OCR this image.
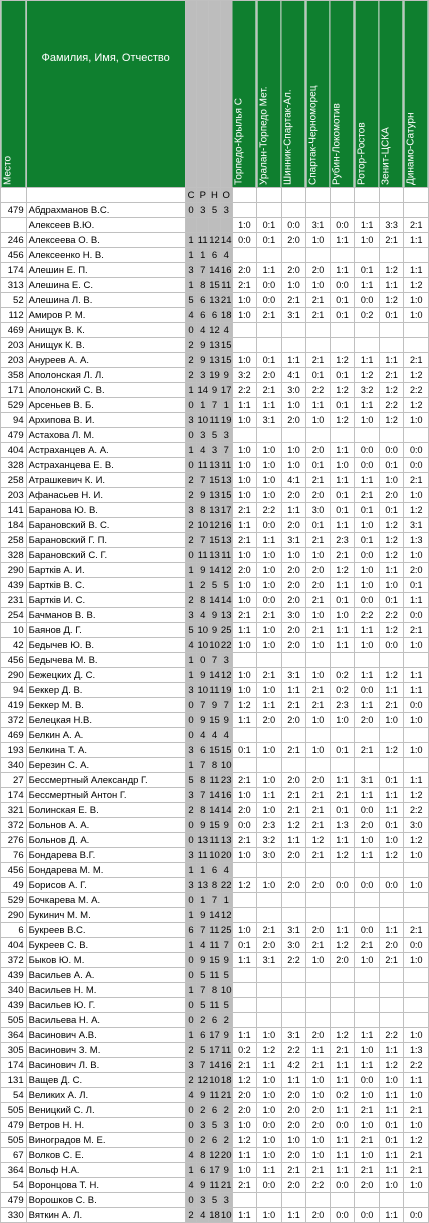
Место	Фамилия, Имя, Отчество					Торпедо-Крылья С	Уралан-Торпедо Мет.	Шинник-Спартак-Ал.	Спартак-Черноморец	Рубин-Локомотив	Ротор-Ростов	Зенит-ЦСКА	Динамо-Сатурн
		С	Р	Н	О								
479	Абдрахманов В.С.	0	3	5	3								
	Алексеев В.Ю.					1:0	0:1	0:0	3:1	0:0	1:1	3:3	2:1
246	Алексеева О. В.	1	11	12	14	0:0	0:1	2:0	1:0	1:1	1:0	2:1	1:1
456	Алексеенко Н. В.	1	1	6	4								
174	Алешин Е. П.	3	7	14	16	2:0	1:1	2:0	2:0	1:1	0:1	1:2	1:1
313	Алешина Е. С.	1	8	15	11	2:1	0:0	1:0	1:0	0:0	1:1	1:1	1:2
52	Алешина Л. В.	5	6	13	21	1:0	0:0	2:1	2:1	0:1	0:0	1:2	1:0
112	Амиров Р. М.	4	6	6	18	1:0	2:1	3:1	2:1	0:1	0:2	0:1	1:0
469	Анищук В. К.	0	4	12	4								
203	Анищук К. В.	2	9	13	15								
203	Ануреев А. А.	2	9	13	15	1:0	0:1	1:1	2:1	1:2	1:1	1:1	2:1
358	Аполонская Л. Л.	2	3	19	9	3:2	2:0	4:1	0:1	0:1	1:2	2:1	1:2
171	Аполонский С. В.	1	14	9	17	2:2	2:1	3:0	2:2	1:2	3:2	1:2	2:2
529	Арсеньев В. Б.	0	1	7	1	1:1	1:1	1:0	1:1	0:1	1:1	2:2	1:2
94	Архипова В. И.	3	10	11	19	1:0	3:1	2:0	1:0	1:2	1:0	1:2	1:0
479	Астахова Л. М.	0	3	5	3								
404	Астраханцев А. А.	1	4	3	7	1:0	1:0	1:0	2:0	1:1	0:0	0:0	0:0
328	Астраханцева Е. В.	0	11	13	11	1:0	1:0	1:0	0:1	1:0	0:0	0:1	0:0
258	Атрашкевич К. И.	2	7	15	13	1:0	1:0	4:1	2:1	1:1	1:1	1:0	2:1
203	Афанасьев Н. И.	2	9	13	15	1:0	1:0	2:0	2:0	0:1	2:1	2:0	1:0
141	Баранова Ю. В.	3	8	13	17	2:1	2:2	1:1	3:0	0:1	0:1	0:1	1:2
184	Барановский В. С.	2	10	12	16	1:1	0:0	2:0	0:1	1:1	1:0	1:2	3:1
258	Барановский Г. П.	2	7	15	13	2:1	1:1	3:1	2:1	2:3	0:1	1:2	1:3
328	Барановский С. Г.	0	11	13	11	1:0	1:0	1:0	1:0	2:1	0:0	1:2	1:0
290	Бартків А. И.	1	9	14	12	2:0	1:0	2:0	2:0	1:2	1:0	1:1	2:0
439	Бартків В. С.	1	2	5	5	1:0	1:0	2:0	2:0	1:1	1:0	1:0	0:1
231	Бартків И. С.	2	8	14	14	1:0	0:0	2:0	2:1	0:1	0:0	0:1	1:1
254	Бачманов В. В.	3	4	9	13	2:1	2:1	3:0	1:0	1:0	2:2	2:2	0:0
10	Баянов Д. Г.	5	10	9	25	1:1	1:0	2:0	2:1	1:1	1:1	1:2	2:1
42	Бедычев Ю. В.	4	10	10	22	1:0	1:0	2:0	1:0	1:1	1:0	0:0	1:0
456	Бедычева М. В.	1	0	7	3								
290	Бежецких Д. С.	1	9	14	12	1:0	2:1	3:1	1:0	0:2	1:1	1:2	1:1
94	Беккер Д. В.	3	10	11	19	1:0	1:0	1:1	2:1	0:2	0:0	1:1	1:1
419	Беккер М. В.	0	7	9	7	1:2	1:1	2:1	2:1	2:3	1:1	2:1	0:0
372	Белецкая Н.В.	0	9	15	9	1:1	2:0	2:0	1:0	1:0	2:0	1:0	1:0
469	Белкин А. А.	0	4	4	4								
193	Белкина Т. А.	3	6	15	15	0:1	1:0	2:1	1:0	0:1	2:1	1:2	1:0
340	Березин С. А.	1	7	8	10								
27	Бессмертный Александр Г.	5	8	11	23	2:1	1:0	2:0	2:0	1:1	3:1	0:1	1:1
174	Бессмертный Антон Г.	3	7	14	16	1:0	1:1	2:1	2:1	2:1	1:1	1:1	1:2
321	Болинская Е. В.	2	8	14	14	2:0	1:0	2:1	2:1	0:1	0:0	1:1	2:2
372	Больнов А. А.	0	9	15	9	0:0	2:3	1:2	2:1	1:3	2:0	0:1	3:0
276	Больнов Д. А.	0	13	11	13	2:1	3:2	1:1	1:2	1:1	1:0	1:0	1:2
76	Бондарева В.Г.	3	11	10	20	1:0	3:0	2:0	2:1	1:2	1:1	1:2	1:0
456	Бондарева М. М.	1	1	6	4								
49	Борисов А. Г.	3	13	8	22	1:2	1:0	2:0	2:0	0:0	0:0	0:0	1:0
529	Бочкарева М. А.	0	1	7	1								
290	Букинич М. М.	1	9	14	12								
6	Букреев В.С.	6	7	11	25	1:0	2:1	3:1	2:0	1:1	0:0	1:1	2:1
404	Букреев С. В.	1	4	11	7	0:1	2:0	3:0	2:1	1:2	2:1	2:0	0:0
372	Быков Ю. М.	0	9	15	9	1:1	3:1	2:2	1:0	2:0	1:0	2:1	1:0
439	Васильев А. А.	0	5	11	5								
340	Васильев Н. М.	1	7	8	10								
439	Васильев Ю. Г.	0	5	11	5								
505	Васильева Н. А.	0	2	6	2								
364	Васинович А.В.	1	6	17	9	1:1	1:0	3:1	2:0	1:2	1:1	2:2	1:0
305	Васинович З. М.	2	5	17	11	0:2	1:2	2:2	1:1	2:1	1:0	1:1	1:3
174	Васинович Л. В.	3	7	14	16	2:1	1:1	4:2	2:1	1:1	1:1	1:2	2:2
131	Ващев Д. С.	2	12	10	18	1:2	1:0	1:1	1:0	1:1	0:0	1:0	1:1
54	Великих А. Л.	4	9	11	21	2:0	1:0	2:0	1:0	0:2	1:0	1:1	1:0
505	Веницкий С. Л.	0	2	6	2	2:0	1:0	2:0	2:0	1:1	2:1	1:1	2:1
479	Ветров Н. Н.	0	3	5	3	1:0	0:0	2:0	2:0	0:0	1:0	0:1	1:0
505	Виноградов М. Е.	0	2	6	2	1:2	1:0	1:0	1:0	1:1	2:1	0:1	1:2
67	Волков С. Е.	4	8	12	20	1:1	1:0	2:0	1:0	1:1	1:0	1:1	2:1
364	Вольф Н.А.	1	6	17	9	1:0	1:1	2:1	2:1	1:1	2:1	1:1	2:1
54	Воронцова Т. Н.	4	9	11	21	2:1	0:0	2:0	2:2	0:0	2:0	1:0	1:0
479	Ворошков С. В.	0	3	5	3								
330	Вяткин А. Л.	2	4	18	10	1:1	1:0	1:1	2:0	0:0	0:0	1:1	0:0
